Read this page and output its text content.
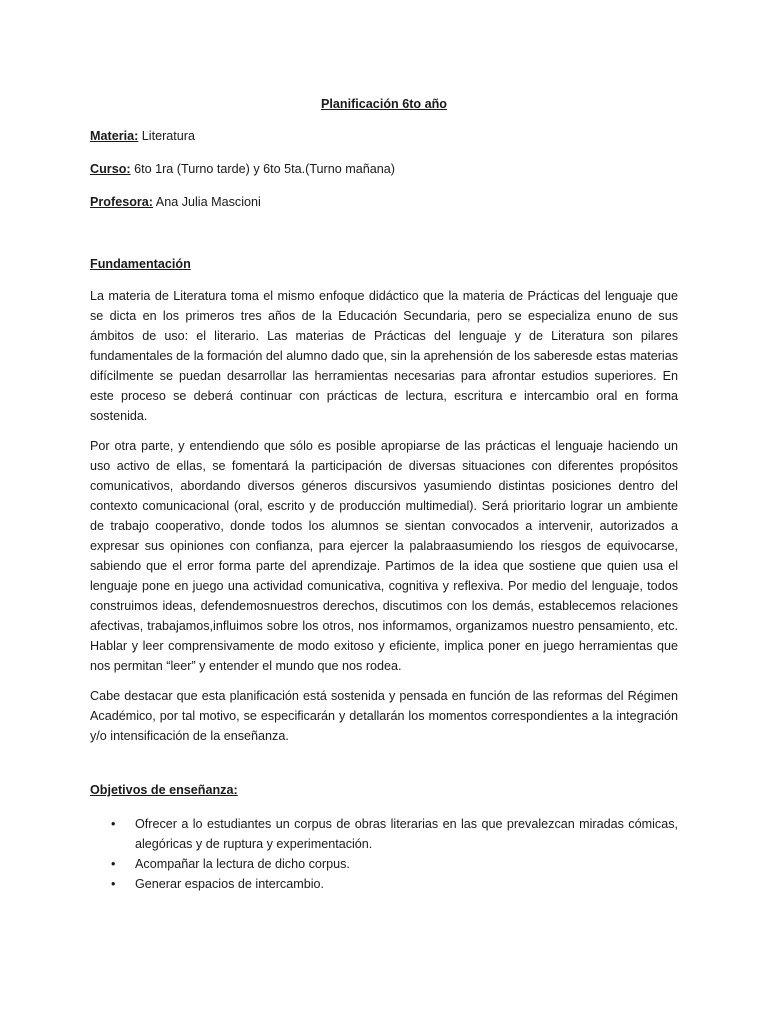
Planificación 6to año

Materia: Literatura

Curso: 6to 1ra (Turno tarde) y 6to 5ta.(Turno mañana)

Profesora: Ana Julia Mascioni

Fundamentación

La materia de Literatura toma el mismo enfoque didáctico que la materia de Prácticas del lenguaje que se dicta en los primeros tres años de la Educación Secundaria, pero se especializa enuno de sus ámbitos de uso: el literario. Las materias de Prácticas del lenguaje y de Literatura son pilares fundamentales de la formación del alumno dado que, sin la aprehensión de los saberesde estas materias difícilmente se puedan desarrollar las herramientas necesarias para afrontar estudios superiores. En este proceso se deberá continuar con prácticas de lectura, escritura e intercambio oral en forma sostenida.

Por otra parte, y entendiendo que sólo es posible apropiarse de las prácticas el lenguaje haciendo un uso activo de ellas, se fomentará la participación de diversas situaciones con diferentes propósitos comunicativos, abordando diversos géneros discursivos yasumiendo distintas posiciones dentro del contexto comunicacional (oral, escrito y de producción multimedial). Será prioritario lograr un ambiente de trabajo cooperativo, donde todos los alumnos se sientan convocados a intervenir, autorizados a expresar sus opiniones con confianza, para ejercer la palabraasumiendo los riesgos de equivocarse, sabiendo que el error forma parte del aprendizaje. Partimos de la idea que sostiene que quien usa el lenguaje pone en juego una actividad comunicativa, cognitiva y reflexiva. Por medio del lenguaje, todos construimos ideas, defendemosnuestros derechos, discutimos con los demás, establecemos relaciones afectivas, trabajamos,influimos sobre los otros, nos informamos, organizamos nuestro pensamiento, etc. Hablar y leer comprensivamente de modo exitoso y eficiente, implica poner en juego herramientas que nos permitan “leer” y entender el mundo que nos rodea.

Cabe destacar que esta planificación está sostenida y pensada en función de las reformas del Régimen Académico, por tal motivo, se especificarán y detallarán los momentos correspondientes a la integración y/o intensificación de la enseñanza.

Objetivos de enseñanza:

• Ofrecer a lo estudiantes un corpus de obras literarias en las que prevalezcan miradas cómicas, alegóricas y de ruptura y experimentación.
• Acompañar la lectura de dicho corpus.
• Generar espacios de intercambio.
